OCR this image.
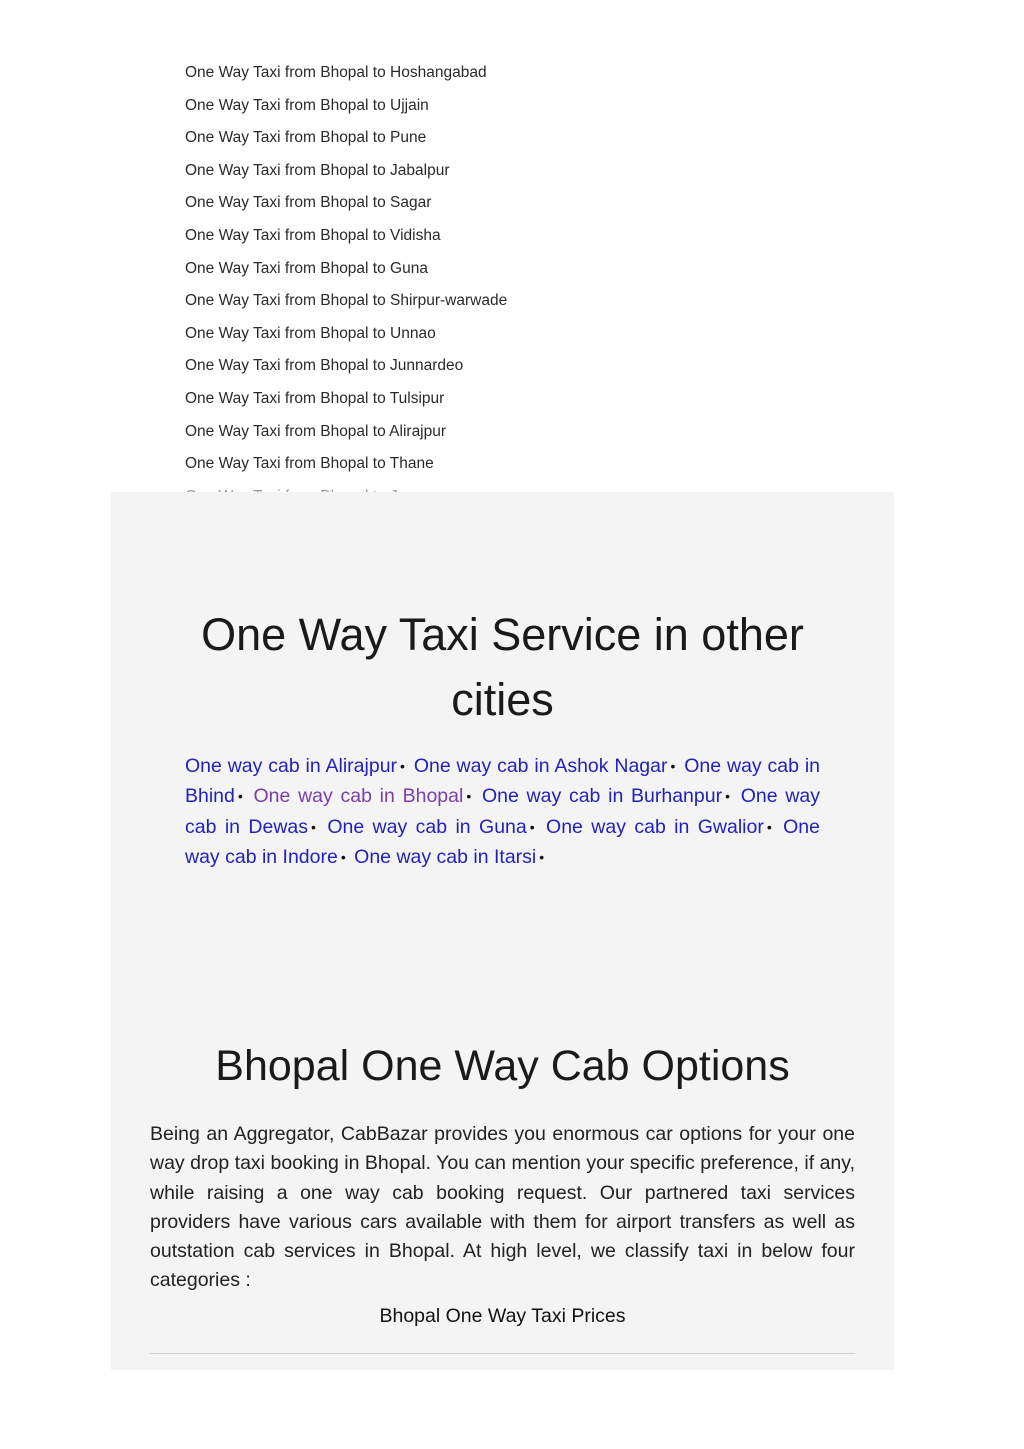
One Way Taxi from Bhopal to Hoshangabad
One Way Taxi from Bhopal to Ujjain
One Way Taxi from Bhopal to Pune
One Way Taxi from Bhopal to Jabalpur
One Way Taxi from Bhopal to Sagar
One Way Taxi from Bhopal to Vidisha
One Way Taxi from Bhopal to Guna
One Way Taxi from Bhopal to Shirpur-warwade
One Way Taxi from Bhopal to Unnao
One Way Taxi from Bhopal to Junnardeo
One Way Taxi from Bhopal to Tulsipur
One Way Taxi from Bhopal to Alirajpur
One Way Taxi from Bhopal to Thane
One Way Taxi Service in other cities
One way cab in Alirajpur • One way cab in Ashok Nagar • One way cab in Bhind • One way cab in Bhopal • One way cab in Burhanpur • One way cab in Dewas • One way cab in Guna • One way cab in Gwalior • One way cab in Indore • One way cab in Itarsi •
Bhopal One Way Cab Options

Being an Aggregator, CabBazar provides you enormous car options for your one way drop taxi booking in Bhopal. You can mention your specific preference, if any, while raising a one way cab booking request. Our partnered taxi services providers have various cars available with them for airport transfers as well as outstation cab services in Bhopal. At high level, we classify taxi in below four categories :

Bhopal One Way Taxi Prices
